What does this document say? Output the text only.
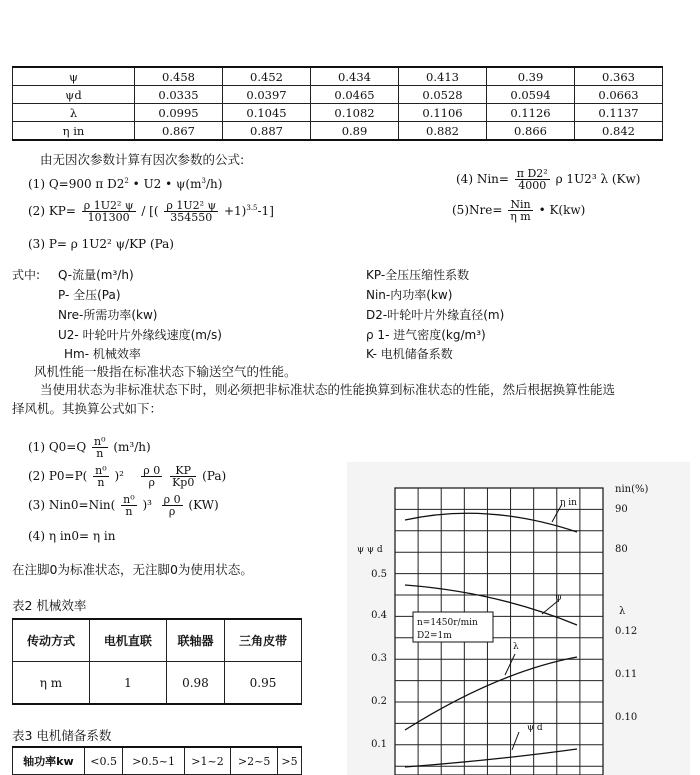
ψ	0.458	0.452	0.434	0.413	0.39	0.363
ψd	0.0335	0.0397	0.0465	0.0528	0.0594	0.0663
λ	0.0995	0.1045	0.1082	0.1106	0.1126	0.1137
η in	0.867	0.887	0.89	0.882	0.866	0.842
由无因次参数计算有因次参数的公式:
(1) Q=900 π $D2^2$ • U2 • $\psi(m^3/h)$
(2) $KP= \frac{\text{ρ 1U2² ψ}}{101300}$ / [( $\frac{\text{ρ 1U2² ψ}}{354550} +1)^{3.5}-1$]
(3) P= ρ 1U2² ψ/KP (Pa)
(4) $Nin= \frac{\text{π D2²}}{4000}$ ρ 1U2³ λ (Kw)
$(5)Nre= \frac{\text{Nin}}{\text{η m}}$ • K(kw)
式中: Q-流量(m³/h)
P- 全压(Pa)
Nre-所需功率(kw)
U2- 叶轮叶片外缘线速度(m/s)
Hm- 机械效率
KP-全压压缩性系数
Nin-内功率(kw)
D2-叶轮叶片外缘直径(m)
ρ 1- 进气密度(kg/m³)
K- 电机储备系数
风机性能一般指在标准状态下输送空气的性能。
当使用状态为非标准状态下时，则必须把非标准状态的性能换算到标准状态的性能，然后根据换算性能选
择风机。其换算公式如下：
(1) $Q0=Q \frac{\text{n⁰}}{n} (m^3/h)$
(2) $P0=P( \frac{\text{n⁰}}{n} )^2 \frac{\rho 0}{\rho}$
$\frac{KP}{Kp0} (Pa)$
(3) $Nin0=Nin( \frac{\text{n⁰}}{n} )^3 \frac{\rho 0}{\rho} (KW)$
(4) η in0= η in
在注脚0为标准状态，无注脚0为使用状态。
表2 机械效率
传动方式	电机直联	联轴器	三角皮带
η m	1	0.98	0.95
表3 电机储备系数
轴功率kw	<0.5	>0.5~1	>1~2	>2~5	>5
ψ ψ d
0.5
0.4
0.3
0.2
0.1
nin(%)
90
80
λ
0.12
0.11
0.10
n=1450r/min
D2=1m
η in
ψ
λ
ψ d
